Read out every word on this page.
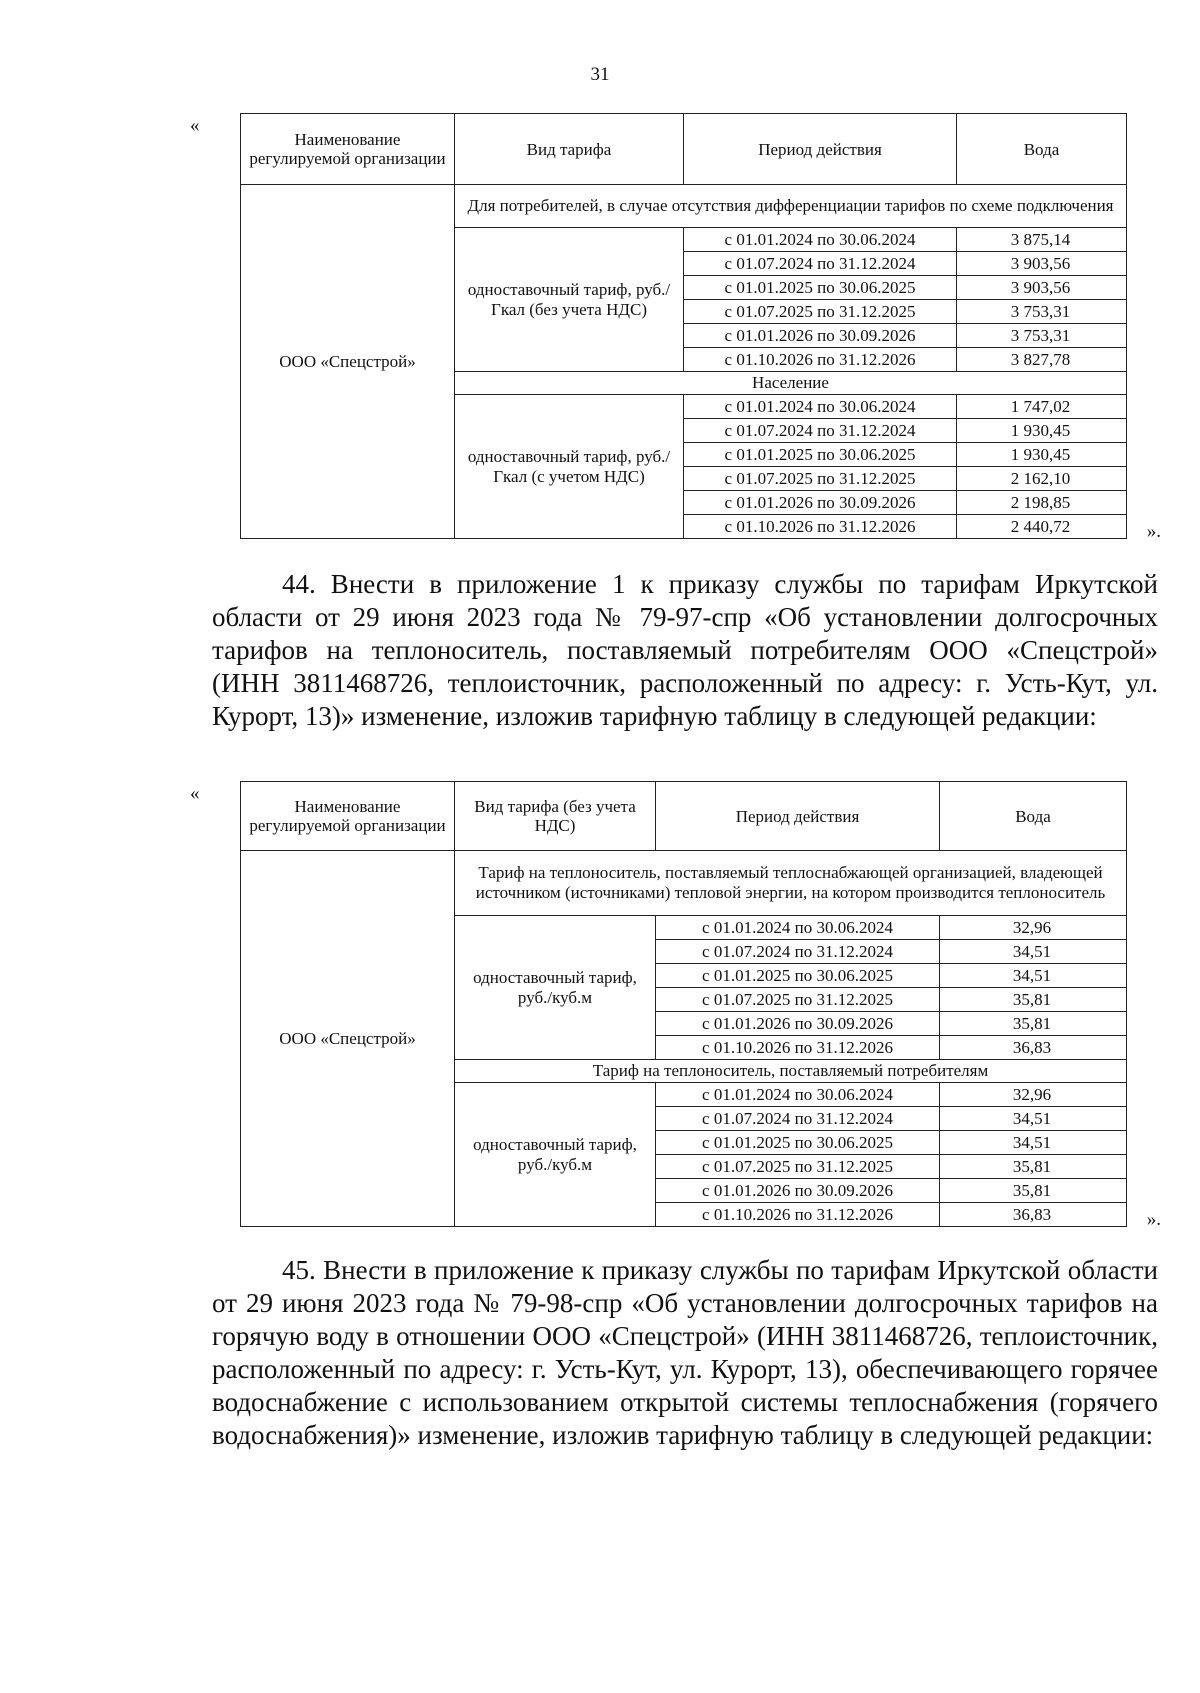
31
«
Наименование регулируемой организации	Вид тарифа	Период действия	Вода
ООО «Спецстрой»	Для потребителей, в случае отсутствия дифференциации тарифов по схеме подключения		
	одноставочный тариф, руб./Гкал (без учета НДС)	с 01.01.2024 по 30.06.2024	3 875,14
		с 01.07.2024 по 31.12.2024	3 903,56
		с 01.01.2025 по 30.06.2025	3 903,56
		с 01.07.2025 по 31.12.2025	3 753,31
		с 01.01.2026 по 30.09.2026	3 753,31
		с 01.10.2026 по 31.12.2026	3 827,78
	Население		
	одноставочный тариф, руб./Гкал (с учетом НДС)	с 01.01.2024 по 30.06.2024	1 747,02
		с 01.07.2024 по 31.12.2024	1 930,45
		с 01.01.2025 по 30.06.2025	1 930,45
		с 01.07.2025 по 31.12.2025	2 162,10
		с 01.01.2026 по 30.09.2026	2 198,85
		с 01.10.2026 по 31.12.2026	2 440,72	».
44. Внести в приложение 1 к приказу службы по тарифам Иркутской области от 29 июня 2023 года № 79-97-спр «Об установлении долгосрочных тарифов на теплоноситель, поставляемый потребителям ООО «Спецстрой» (ИНН 3811468726, теплоисточник, расположенный по адресу: г. Усть-Кут, ул. Курорт, 13)» изменение, изложив тарифную таблицу в следующей редакции:
«
Наименование регулируемой организации	Вид тарифа (без учета НДС)	Период действия	Вода
ООО «Спецстрой»	Тариф на теплоноситель, поставляемый теплоснабжающей организацией, владеющей источником (источниками) тепловой энергии, на котором производится теплоноситель		
	одноставочный тариф, руб./куб.м	с 01.01.2024 по 30.06.2024	32,96
		с 01.07.2024 по 31.12.2024	34,51
		с 01.01.2025 по 30.06.2025	34,51
		с 01.07.2025 по 31.12.2025	35,81
		с 01.01.2026 по 30.09.2026	35,81
		с 01.10.2026 по 31.12.2026	36,83
	Тариф на теплоноситель, поставляемый потребителям		
	одноставочный тариф, руб./куб.м	с 01.01.2024 по 30.06.2024	32,96
		с 01.07.2024 по 31.12.2024	34,51
		с 01.01.2025 по 30.06.2025	34,51
		с 01.07.2025 по 31.12.2025	35,81
		с 01.01.2026 по 30.09.2026	35,81
		с 01.10.2026 по 31.12.2026	36,83	».
45. Внести в приложение к приказу службы по тарифам Иркутской области от 29 июня 2023 года № 79-98-спр «Об установлении долгосрочных тарифов на горячую воду в отношении ООО «Спецстрой» (ИНН 3811468726, теплоисточник, расположенный по адресу: г. Усть-Кут, ул. Курорт, 13), обеспечивающего горячее водоснабжение с использованием открытой системы теплоснабжения (горячего водоснабжения)» изменение, изложив тарифную таблицу в следующей редакции:
